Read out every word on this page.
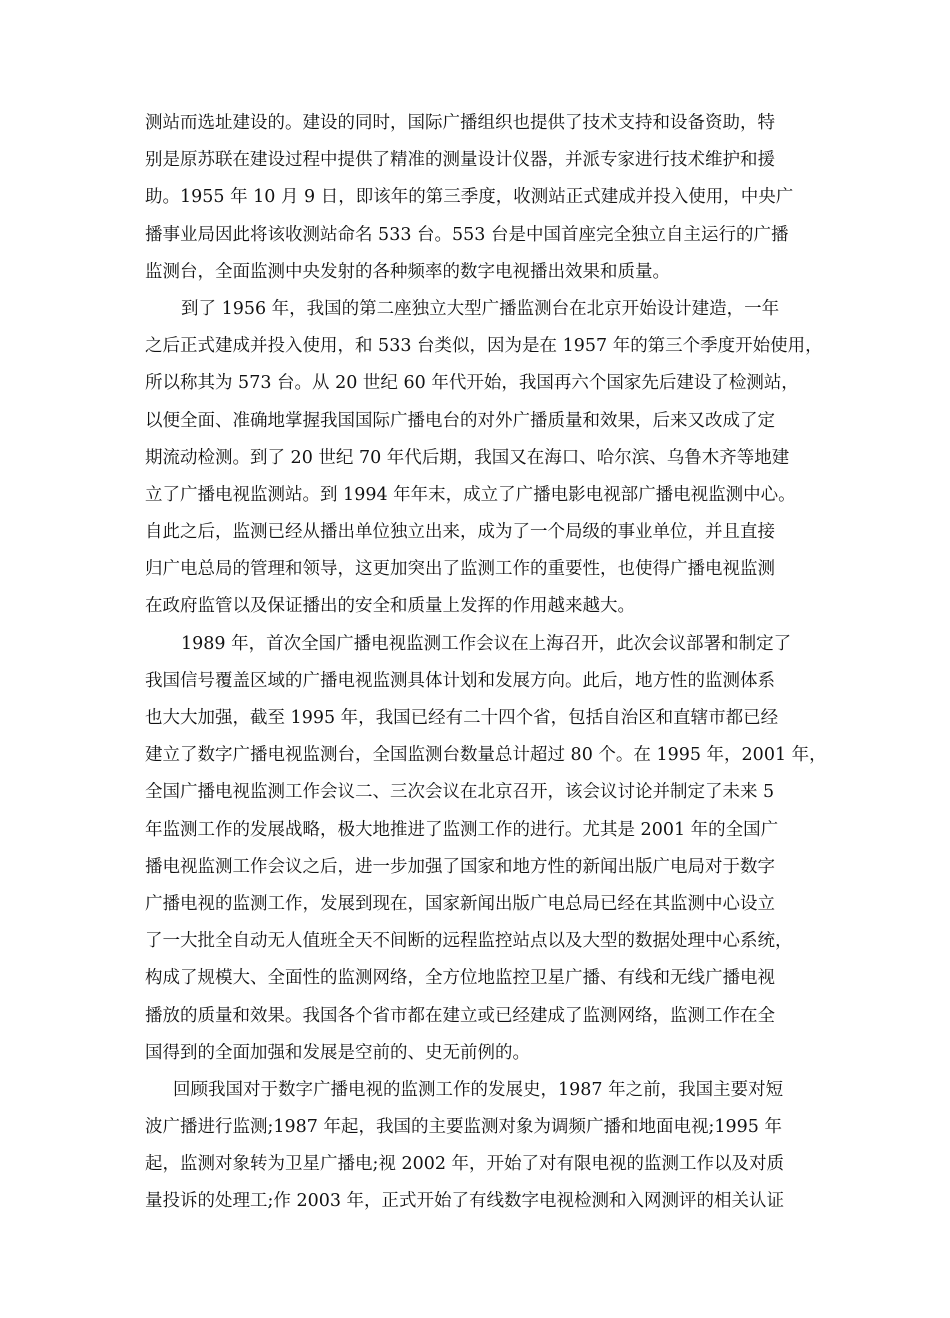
测站而选址建设的。建设的同时，国际广播组织也提供了技术支持和设备资助，特
别是原苏联在建设过程中提供了精准的测量设计仪器，并派专家进行技术维护和援
助。1955 年 10 月 9 日，即该年的第三季度，收测站正式建成并投入使用，中央广
播事业局因此将该收测站命名 533 台。553 台是中国首座完全独立自主运行的广播
监测台，全面监测中央发射的各种频率的数字电视播出效果和质量。
到了 1956 年，我国的第二座独立大型广播监测台在北京开始设计建造，一年
之后正式建成并投入使用，和 533 台类似，因为是在 1957 年的第三个季度开始使用，
所以称其为 573 台。从 20 世纪 60 年代开始，我国再六个国家先后建设了检测站，
以便全面、准确地掌握我国国际广播电台的对外广播质量和效果，后来又改成了定
期流动检测。到了 20 世纪 70 年代后期，我国又在海口、哈尔滨、乌鲁木齐等地建
立了广播电视监测站。到 1994 年年末，成立了广播电影电视部广播电视监测中心。
自此之后，监测已经从播出单位独立出来，成为了一个局级的事业单位，并且直接
归广电总局的管理和领导，这更加突出了监测工作的重要性，也使得广播电视监测
在政府监管以及保证播出的安全和质量上发挥的作用越来越大。
1989 年，首次全国广播电视监测工作会议在上海召开，此次会议部署和制定了
我国信号覆盖区域的广播电视监测具体计划和发展方向。此后，地方性的监测体系
也大大加强，截至 1995 年，我国已经有二十四个省，包括自治区和直辖市都已经
建立了数字广播电视监测台，全国监测台数量总计超过 80 个。在 1995 年，2001 年，
全国广播电视监测工作会议二、三次会议在北京召开，该会议讨论并制定了未来 5
年监测工作的发展战略，极大地推进了监测工作的进行。尤其是 2001 年的全国广
播电视监测工作会议之后，进一步加强了国家和地方性的新闻出版广电局对于数字
广播电视的监测工作，发展到现在，国家新闻出版广电总局已经在其监测中心设立
了一大批全自动无人值班全天不间断的远程监控站点以及大型的数据处理中心系统，
构成了规模大、全面性的监测网络，全方位地监控卫星广播、有线和无线广播电视
播放的质量和效果。我国各个省市都在建立或已经建成了监测网络，监测工作在全
国得到的全面加强和发展是空前的、史无前例的。
回顾我国对于数字广播电视的监测工作的发展史，1987 年之前，我国主要对短
波广播进行监测;1987 年起，我国的主要监测对象为调频广播和地面电视;1995 年
起，监测对象转为卫星广播电;视 2002 年，开始了对有限电视的监测工作以及对质
量投诉的处理工;作 2003 年，正式开始了有线数字电视检测和入网测评的相关认证
